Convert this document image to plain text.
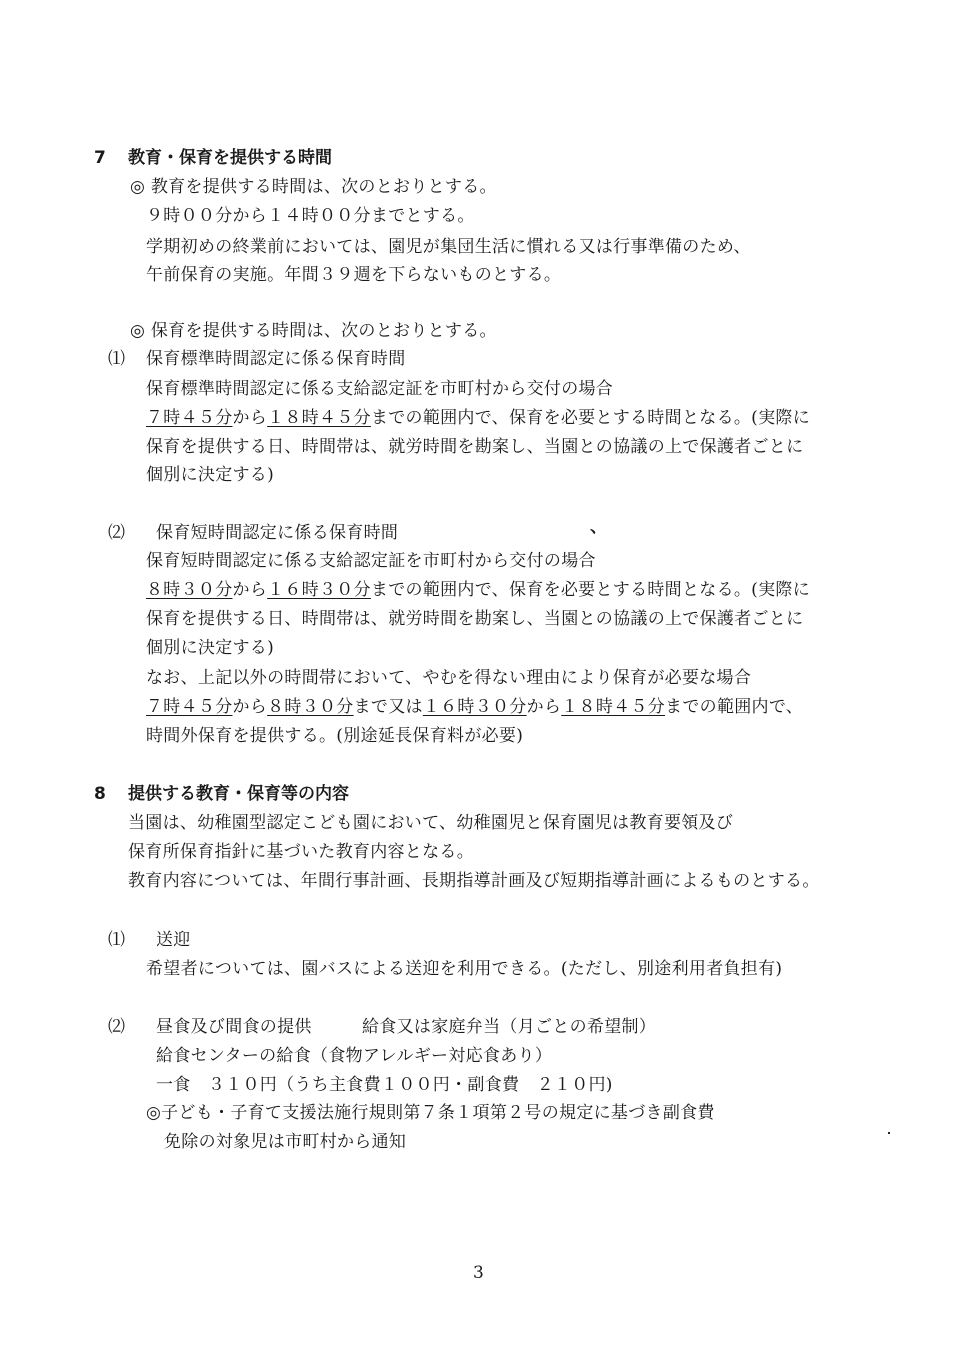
7 教育・保育を提供する時間
◎ 教育を提供する時間は、次のとおりとする。
９時００分から１４時００分までとする。
学期初めの終業前においては、園児が集団生活に慣れる又は行事準備のため、
午前保育の実施。年間３９週を下らないものとする。
◎ 保育を提供する時間は、次のとおりとする。
⑴ 保育標準時間認定に係る保育時間
保育標準時間認定に係る支給認定証を市町村から交付の場合
７時４５分から１８時４５分までの範囲内で、保育を必要とする時間となる。(実際に
保育を提供する日、時間帯は、就労時間を勘案し、当園との協議の上で保護者ごとに
個別に決定する)
⑵ 保育短時間認定に係る保育時間	、
保育短時間認定に係る支給認定証を市町村から交付の場合
８時３０分から１６時３０分までの範囲内で、保育を必要とする時間となる。(実際に
保育を提供する日、時間帯は、就労時間を勘案し、当園との協議の上で保護者ごとに
個別に決定する)
なお、上記以外の時間帯において、やむを得ない理由により保育が必要な場合
７時４５分から８時３０分まで又は１６時３０分から１８時４５分までの範囲内で、
時間外保育を提供する。(別途延長保育料が必要)
8 提供する教育・保育等の内容
当園は、幼稚園型認定こども園において、幼稚園児と保育園児は教育要領及び
保育所保育指針に基づいた教育内容となる。
教育内容については、年間行事計画、長期指導計画及び短期指導計画によるものとする。
⑴ 送迎
希望者については、園バスによる送迎を利用できる。(ただし、別途利用者負担有)
⑵ 昼食及び間食の提供	給食又は家庭弁当（月ごとの希望制）
給食センターの給食（食物アレルギー対応食あり）
一食　３１０円（うち主食費１００円・副食費　２１０円)
◎子ども・子育て支援法施行規則第７条１項第２号の規定に基づき副食費
免除の対象児は市町村から通知
3
